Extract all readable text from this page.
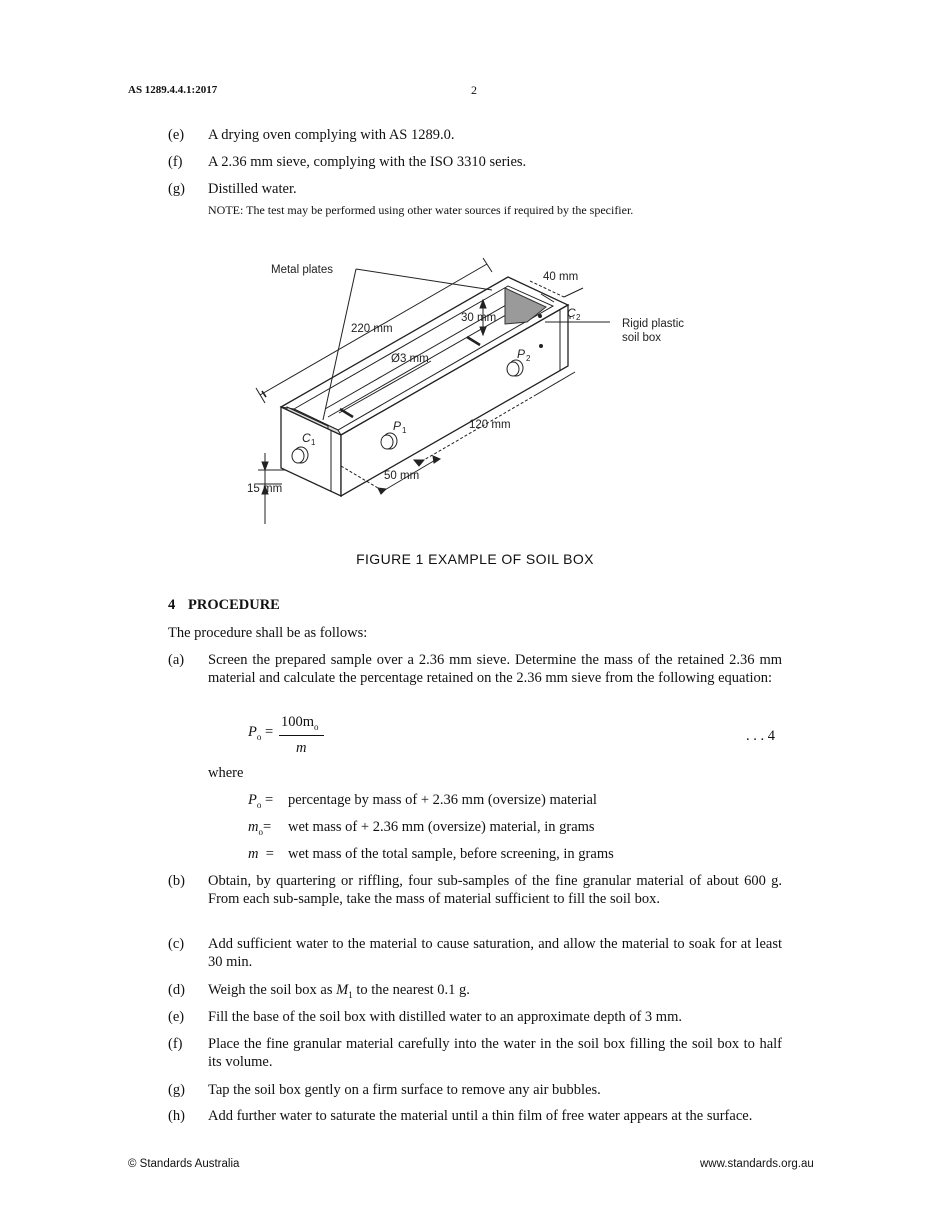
AS 1289.4.4.1:2017	2
(e)	A drying oven complying with AS 1289.0.
(f)	A 2.36 mm sieve, complying with the ISO 3310 series.
(g)	Distilled water.
NOTE: The test may be performed using other water sources if required by the specifier.
Metal plates
40 mm
C 2
Rigid plastic
soil box
30 mm
220 mm
Ø3 mm	P 2
P 1
C 1
120 mm
50 mm
15 mm
FIGURE 1 EXAMPLE OF SOIL BOX
4 PROCEDURE
The procedure shall be as follows:
(a)	Screen the prepared sample over a 2.36 mm sieve. Determine the mass of the retained 2.36 mm material and calculate the percentage retained on the 2.36 mm sieve from the following equation:
$P_o$ =
$100m_o$
m
. . . 4
where
$P_o$ = percentage by mass of + 2.36 mm (oversize) material
$m_o=$ wet mass of + 2.36 mm (oversize) material, in grams
m = wet mass of the total sample, before screening, in grams
(b)	Obtain, by quartering or riffling, four sub-samples of the fine granular material of about 600 g. From each sub-sample, take the mass of material sufficient to fill the soil box.
(c)	Add sufficient water to the material to cause saturation, and allow the material to soak for at least 30 min.
(d)	Weigh the soil box as $M_1$ to the nearest 0.1 g.
(e)	Fill the base of the soil box with distilled water to an approximate depth of 3 mm.
(f)	Place the fine granular material carefully into the water in the soil box filling the soil box to half its volume.
(g)	Tap the soil box gently on a firm surface to remove any air bubbles.
(h)	Add further water to saturate the material until a thin film of free water appears at the surface.
© Standards Australia	www.standards.org.au
